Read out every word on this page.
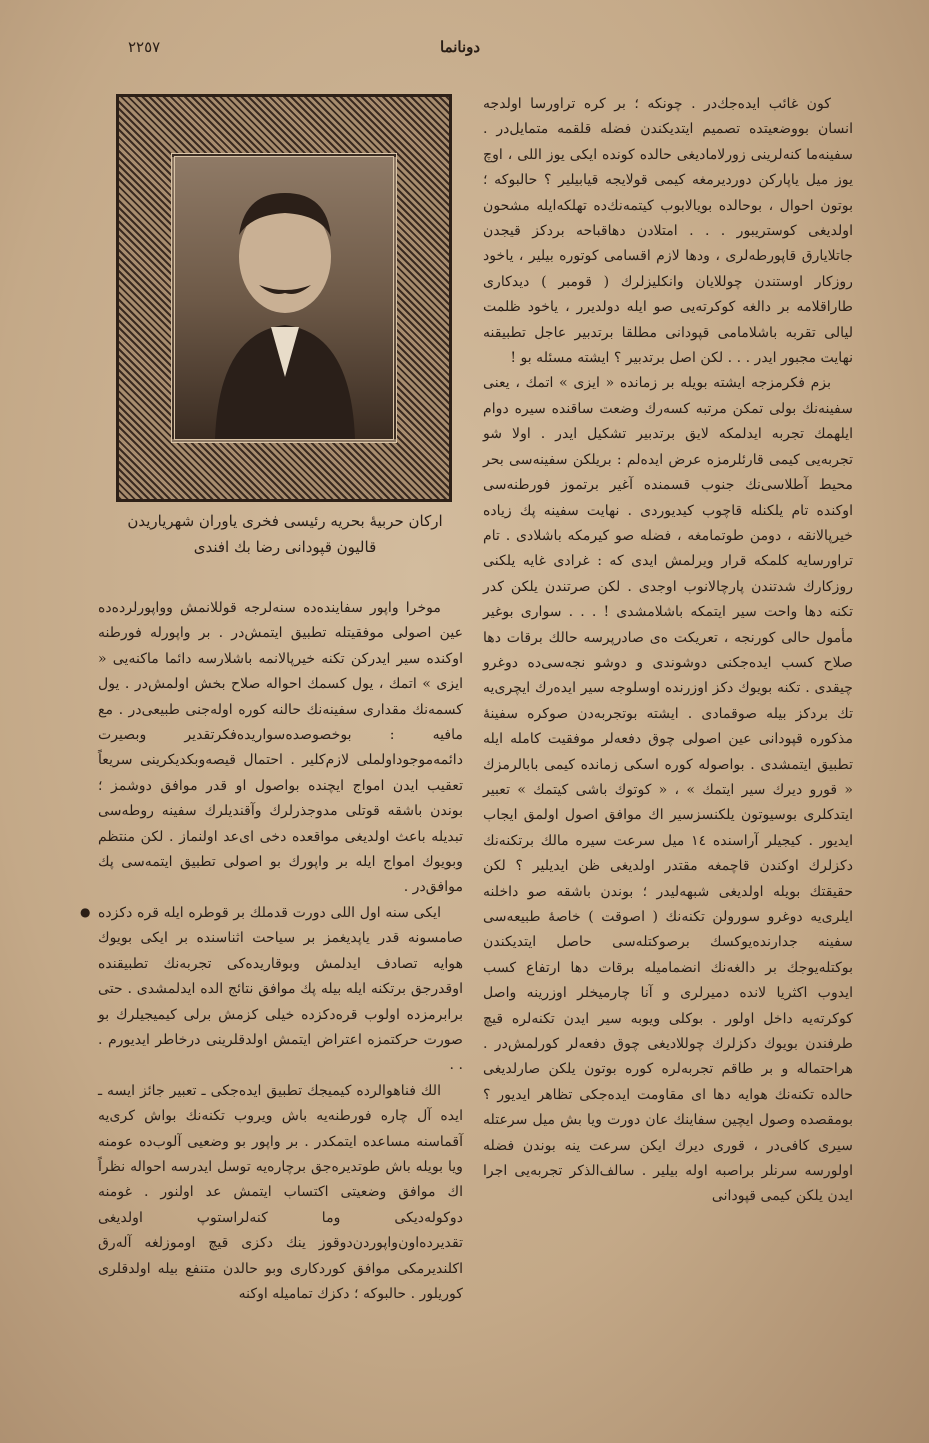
٢٢٥٧	دونانما
اركان حربيهٔ بحریه رئیسی فخری یاوران شهریاریدن
قالیون قپودانی رضا بك افندی

کون غائب ایده‌جك‌در . چونکه ؛ بر کره تراورسا اولدجه انسان بووضعیتده تصمیم ایتدیکندن فضله قلقمه متمایل‌در . سفینه‌ما کنه‌لرینی زورلامادیغی حالده کونده ایکی یوز اللی ، اوچ یوز میل یاپارکن دوردیرمغه کیمی قولایجه قیابیلیر ؟ حالبوکه ؛ بوتون احوال ، بوحالده بویالابوب کیتمه‌نك‌ده تهلکه‌ایله مشحون اولدیغی کوستریبور . . . امتلادن دهاقباحه بردکز قیجدن جاتلایارق قاپورطه‌لری ، ودها لازم اقسامی کوتوره بیلیر ، یاخود روزکار اوستندن چوللایان وانکلیزلرك ( قومبر ) دیدکاری طاراقلامه بر دالغه کوکرته‌یی صو ایله دولدیرر ، یاخود ظلمت لیالی تقربه باشلامامی قپودانی مطلقا برتدبیر عاجل تطبیقنه نهایت مجبور ایدر . . . لکن اصل برتدبیر ؟ ایشته مسئله بو !

بزم فکرمزجه ایشته بویله بر زمانده « ایزی » اتمك ، یعنی سفینه‌نك بولی تمکن مرتبه کسه‌رك وضعت ساقنده سیره دوام ایلهمك تجربه ایدلمکه لایق برتدبیر تشکیل ایدر . اولا شو تجربه‌یی کیمی قارئلرمزه عرض ایده‌لم : بریلکن سفینه‌سی بحر محیط آطلاسی‌نك جنوب قسمنده آغیر برتموز فورطنه‌سی اوکنده تام یلکنله قاچوب کیدیوردی . نهایت سفینه پك زیاده خیرپالانقه ، دومن طوتمامغه ، فضله صو کیرمکه باشلادی . تام تراورسایه کلمکه قرار ویرلمش ایدی که : غرادی غایه یلکنی روزکارك شدتندن پارچالانوب اوجدی . لکن صرتندن یلکن کدر تکنه دها واحت سیر ایتمکه باشلامشدی ! . . . سواری بوغیر مأمول حالی کورنجه ، تعریکت ه‌ی صادرپرسه حالك برقات دها صلاح کسب ایده‌جکنی دوشوندی و دوشو نجه‌سی‌ده دوغرو چیقدی . تکنه بویوك دکز اوزرنده اوسلوجه سیر ایده‌رك ایچری‌یه تك بردکز بیله صوقمادی . ایشته بوتجربه‌دن صوکره سفینهٔ مذکوره قپودانی عین اصولی چوق دفعه‌لر موفقیت کامله ایله تطبیق ایتمشدی . بواصوله کوره اسکی زمانده کیمی بابالرمزك « قورو دیرك سیر ایتمك » ، « کوتوك باشی کیتمك » تعبیر ایتدکلری بوسیوتون یلکنسزسیر اك موافق اصول اولمق ایجاب ایدیور . کیجیلر آراسنده ١٤ میل سرعت سیره مالك برتکنه‌نك دکزلرك اوکندن قاچمغه مقتدر اولدیغی ظن ایدیلیر ؟ لکن حقیقتك بویله اولدیغی شبهه‌لیدر ؛ بوندن باشقه صو داخلنه ایلری‌یه دوغرو سورولن تکنه‌نك ( اصوقت ) خاصهٔ طبیعه‌سی سفینه جدارنده‌یوکسك برصوکتله‌سی حاصل ایتدیکندن بوکتله‌یوجك بر دالغه‌نك انضمامیله برقات دها ارتفاع کسب ایدوب اکثریا لانده دمیرلری و آنا چارمیخلر اوزرینه واصل کوکرته‌یه داخل اولور . بوکلی ویوبه سیر ایدن تکنه‌لره قیچ طرفندن بویوك دکزلرك چوللادیغی چوق دفعه‌لر کورلمش‌در . هراحتماله و بر طاقم تجربه‌لره کوره بوتون یلکن صارلدیغی حالده تکنه‌نك هوایه دها ای مقاومت ایده‌جکی تظاهر ایدیور ؟ بومقصده وصول ایچین سفاینك عان دورت ویا بش میل سرعتله سیری کافی‌در ، قوری دیرك ایکن سرعت ینه بوندن فضله اولورسه سرنلر براصبه اوله بیلیر . سالف‌الذکر تجربه‌یی اجرا ایدن یلکن کیمی قپودانی

موخرا واپور سفاینده‌ده سنه‌لرجه قوللانمش وواپورلرده‌ده عین اصولی موفقیتله تطبیق ایتمش‌در . بر واپورله فورطنه اوکنده سیر ایدرکن تکنه خیرپالانمه باشلارسه دائما ماکنه‌یی « ایزی » اتمك ، یول کسمك احواله صلاح بخش اولمش‌در . یول کسمه‌نك مقداری سفینه‌نك حالنه کوره اوله‌جنی طبیعی‌در . مع مافیه : بوخصوصده‌سواریده‌فکرتقدیر وبصیرت دائمه‌موجوداولملی لازم‌کلیر . احتمال قیصه‌وبکدیکرینی سریعاً تعقیب ایدن امواج ایچنده بواصول او قدر موافق دوشمز ؛ بوندن باشقه قوتلی مدوجذرلرك وآقندیلرك سفینه روطه‌سی تبدیله باعث اولدیغی مواقعده دخی ای‌عد اولنماز . لکن منتظم وبویوك امواج ایله بر واپورك بو اصولی تطبیق ایتمه‌سی پك موافق‌در .

ایکی سنه اول اللی دورت قدملك بر قوطره ایله قره دکزده صامسونه قدر یاپدیغمز بر سیاحت اثناسنده بر ایکی بویوك هوایه تصادف ایدلمش وبوقاریده‌کی تجربه‌نك تطبیقنده اوقدرجق برتکنه ایله بیله پك موافق نتائج الده ایدلمشدی . حتی برابرمزده اولوب قره‌دکزده خیلی کزمش برلی کیمیجیلرك بو صورت حرکتمزه اعتراض ایتمش اولدقلرینی درخاطر ایدیورم . . .

الك فناهوالرده کیمیجك تطبیق ایده‌جکی ـ تعبیر جائز ایسه ـ ایده آل چاره فورطنه‌یه باش ویروب تکنه‌نك بواش کری‌یه آقماسنه مساعده ایتمکدر . بر واپور بو وضعیی آلوب‌ده عومنه ویا بویله باش طوتدیره‌جق برچاره‌یه توسل ایدرسه احواله نظراً اك موافق وضعیتی اکتساب ایتمش عد اولنور . غومنه دوکوله‌دیکی وما کنه‌لراستوپ اولدیغی تقدیرده‌اون‌واپوردن‌دوقوز ینك دکزی قیچ اوموزلغه آلەرق اکلندیرمکی موافق کوردکاری وبو حالدن متنفع بیله اولدقلری کوریلور . حالبوکه ؛ دکزك تمامیله اوکنه

●
